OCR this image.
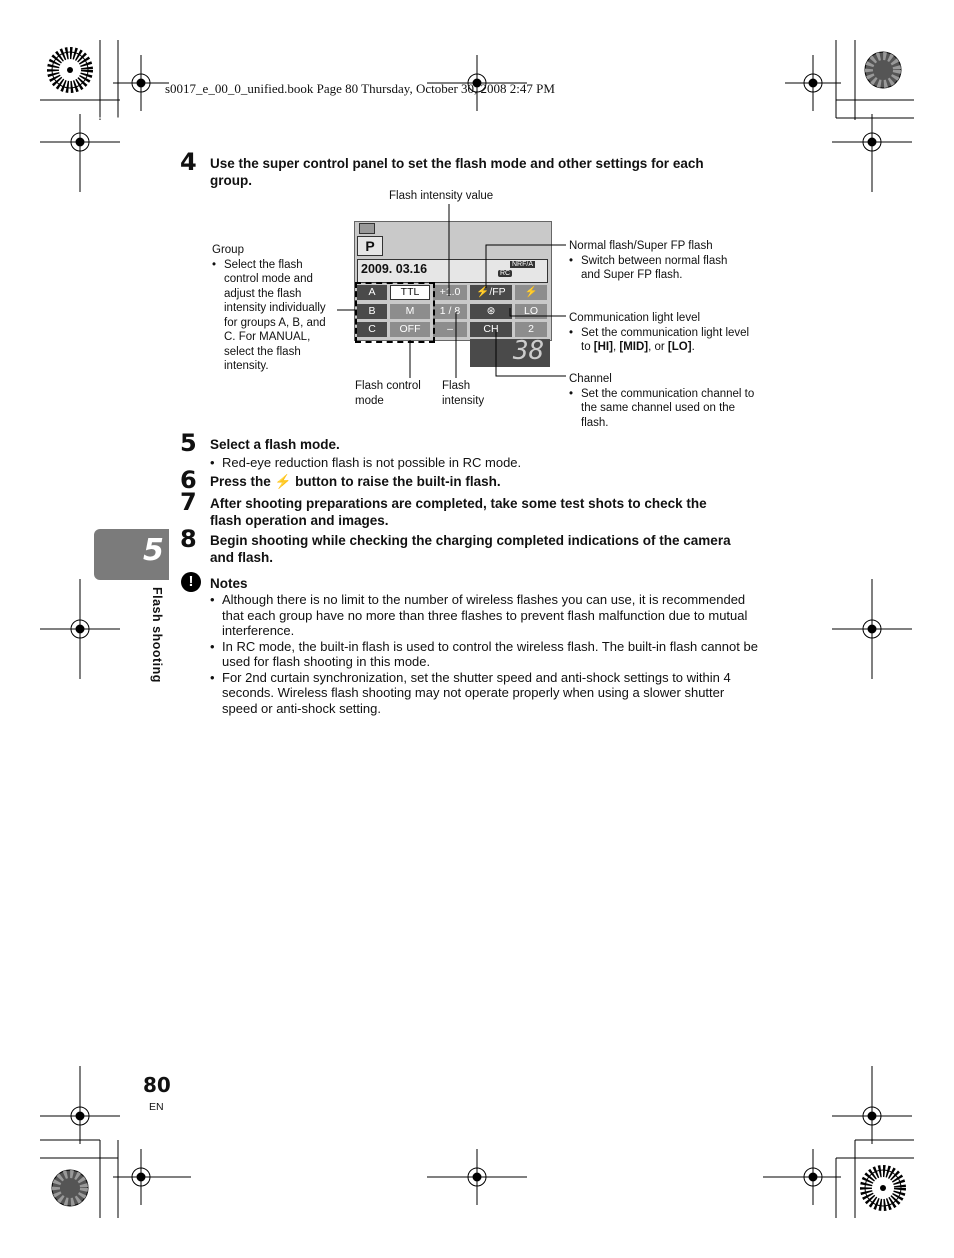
s0017_e_00_0_unified.book Page 80 Thursday, October 30, 2008 2:47 PM
4 Use the super control panel to set the flash mode and other settings for each
group.
Flash intensity value
P
2009. 03.16	NRF/A
RC
A	TTL	+1.0	⚡/FP	⚡
B	M	1 / 8	⊛	LO
C	OFF	–	CH	2
38
Group
• Select the flash
control mode and
adjust the flash
intensity individually
for groups A, B, and
C. For MANUAL,
select the flash
intensity.
Flash control
mode
Flash
intensity
Normal flash/Super FP flash
• Switch between normal flash
and Super FP flash.
Communication light level
• Set the communication light level
to [HI], [MID], or [LO].
Channel
• Set the communication channel to
the same channel used on the
flash.
5 Select a flash mode.
• Red-eye reduction flash is not possible in RC mode.
6 Press the ⚡ button to raise the built-in flash.
7 After shooting preparations are completed, take some test shots to check the
flash operation and images.
8 Begin shooting while checking the charging completed indications of the camera
and flash.
!	Notes
• Although there is no limit to the number of wireless flashes you can use, it is recommended
that each group have no more than three flashes to prevent flash malfunction due to mutual
interference.
• In RC mode, the built-in flash is used to control the wireless flash. The built-in flash cannot be
used for flash shooting in this mode.
• For 2nd curtain synchronization, set the shutter speed and anti-shock settings to within 4
seconds. Wireless flash shooting may not operate properly when using a slower shutter
speed or anti-shock setting.
5
Flash shooting
80
EN
